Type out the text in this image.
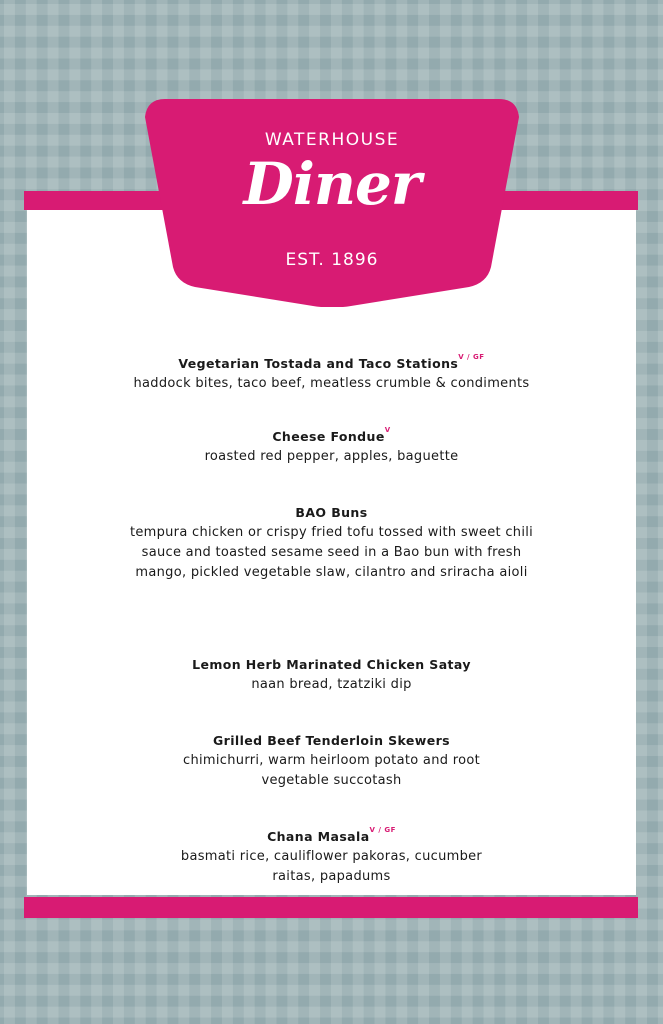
WATERHOUSE
Diner
EST. 1896
Vegetarian Tostada and Taco Stations$^{V / GF}$
haddock bites, taco beef, meatless crumble & condiments
Cheese Fondue$^V$
roasted red pepper, apples, baguette
BAO Buns
tempura chicken or crispy fried tofu tossed with sweet chili sauce and toasted sesame seed in a Bao bun with fresh mango, pickled vegetable slaw, cilantro and sriracha aioli
Lemon Herb Marinated Chicken Satay
naan bread, tzatziki dip
Grilled Beef Tenderloin Skewers
chimichurri, warm heirloom potato and root vegetable succotash
Chana Masala$^{V / GF}$
basmati rice, cauliflower pakoras, cucumber raitas, papadums
